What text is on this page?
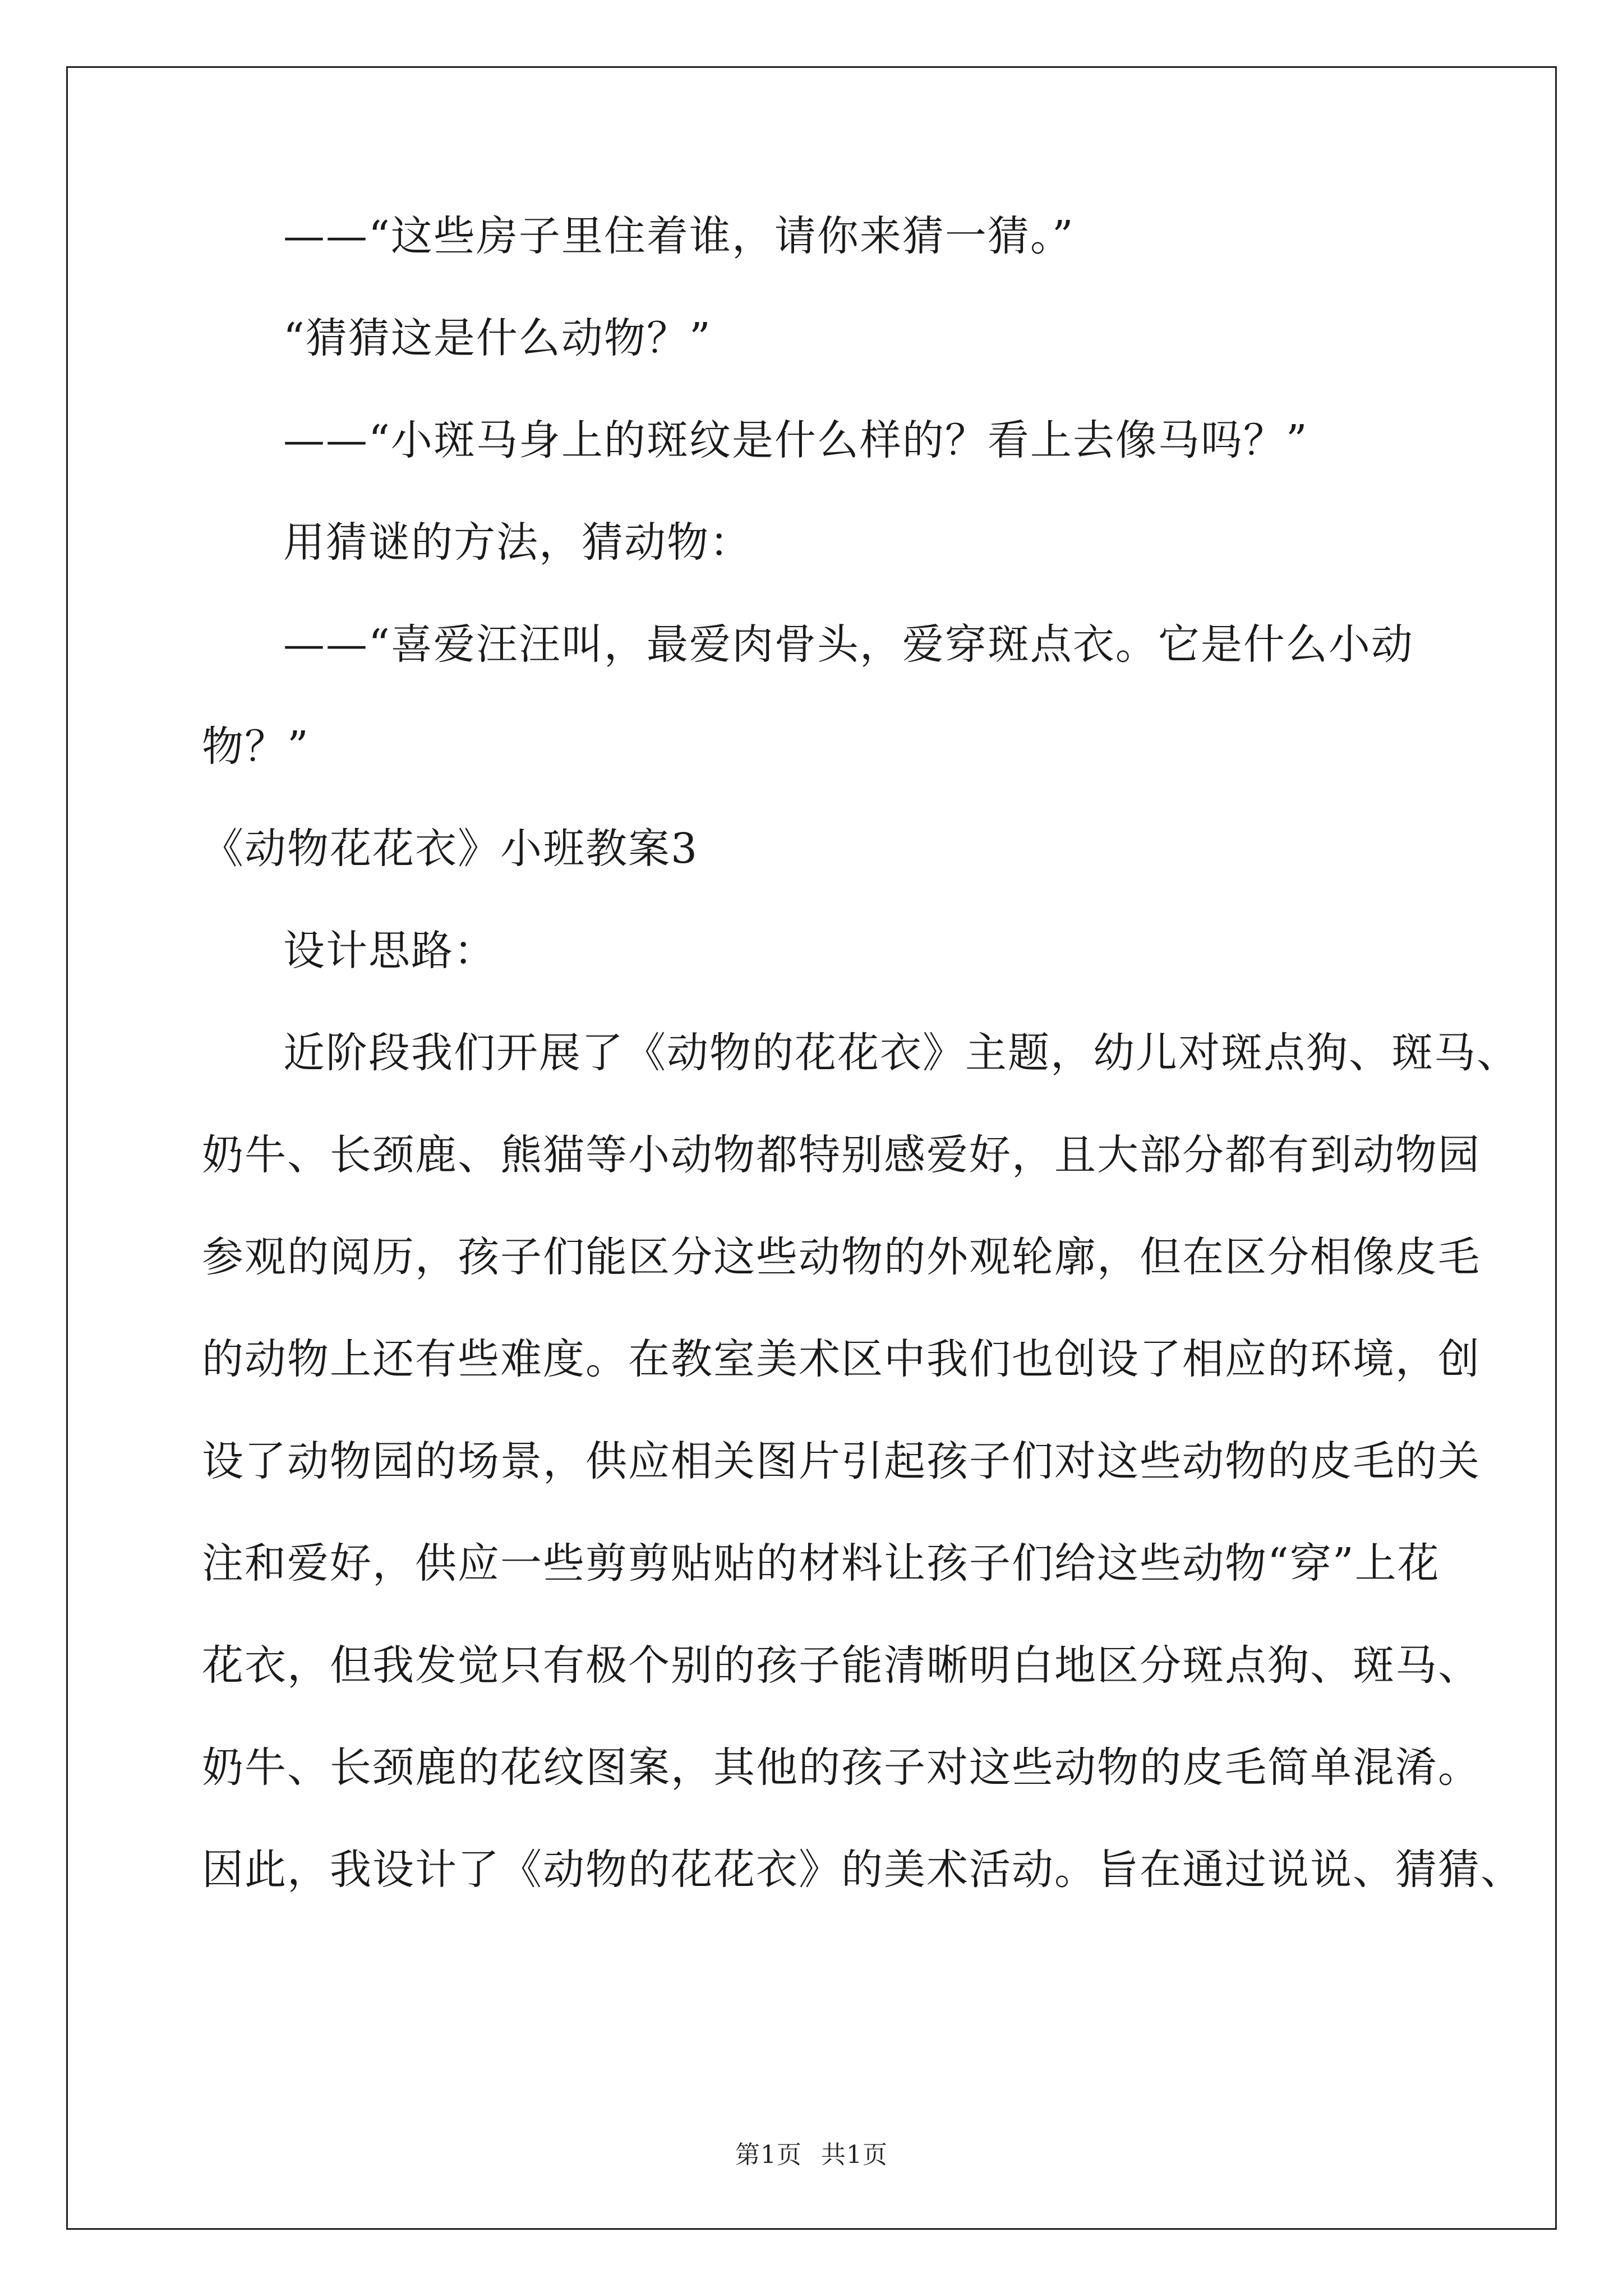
——“这些房子里住着谁，请你来猜一猜。”

“猜猜这是什么动物？”

——“小斑马身上的斑纹是什么样的？看上去像马吗？”

用猜谜的方法，猜动物：

——“喜爱汪汪叫，最爱肉骨头，爱穿斑点衣。它是什么小动

物？”

《动物花花衣》小班教案3

设计思路：

近阶段我们开展了《动物的花花衣》主题，幼儿对斑点狗、斑马、

奶牛、长颈鹿、熊猫等小动物都特别感爱好，且大部分都有到动物园

参观的阅历，孩子们能区分这些动物的外观轮廓，但在区分相像皮毛

的动物上还有些难度。在教室美术区中我们也创设了相应的环境，创

设了动物园的场景，供应相关图片引起孩子们对这些动物的皮毛的关

注和爱好，供应一些剪剪贴贴的材料让孩子们给这些动物“穿”上花

花衣，但我发觉只有极个别的孩子能清晰明白地区分斑点狗、斑马、

奶牛、长颈鹿的花纹图案，其他的孩子对这些动物的皮毛简单混淆。

因此，我设计了《动物的花花衣》的美术活动。旨在通过说说、猜猜、

第1页 共1页
